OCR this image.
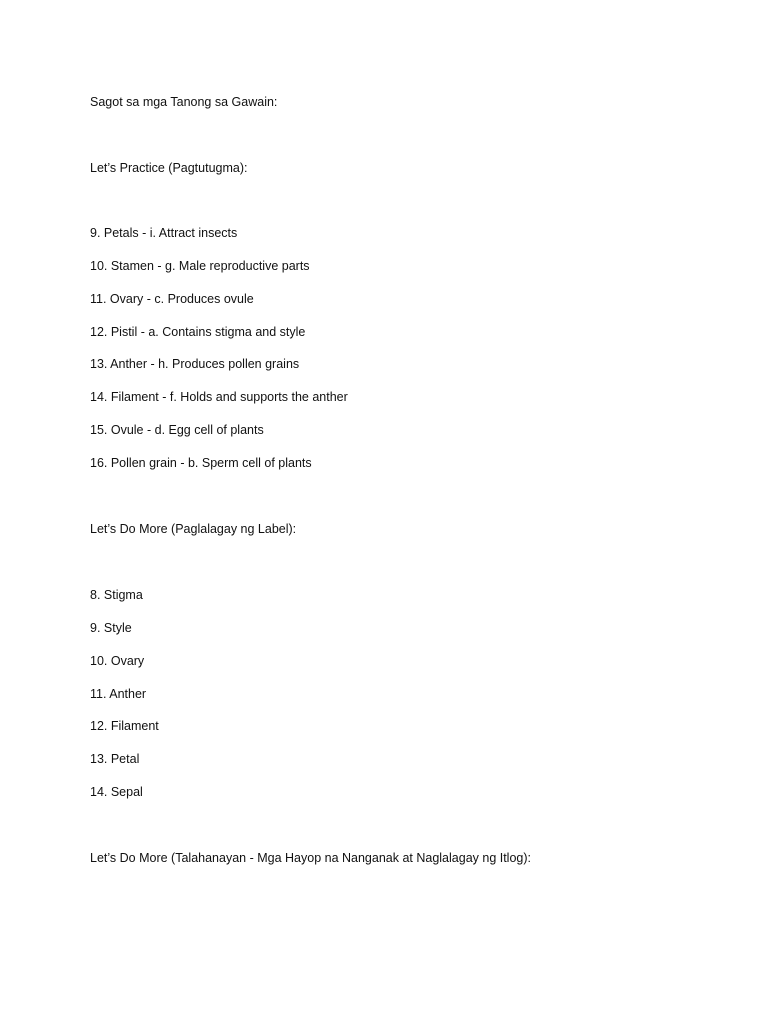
Sagot sa mga Tanong sa Gawain:
Let’s Practice (Pagtutugma):
9. Petals - i. Attract insects
10. Stamen - g. Male reproductive parts
11. Ovary - c. Produces ovule
12. Pistil - a. Contains stigma and style
13. Anther - h. Produces pollen grains
14. Filament - f. Holds and supports the anther
15. Ovule - d. Egg cell of plants
16. Pollen grain - b. Sperm cell of plants
Let’s Do More (Paglalagay ng Label):
8. Stigma
9. Style
10. Ovary
11. Anther
12. Filament
13. Petal
14. Sepal
Let’s Do More (Talahanayan - Mga Hayop na Nanganak at Naglalagay ng Itlog):
